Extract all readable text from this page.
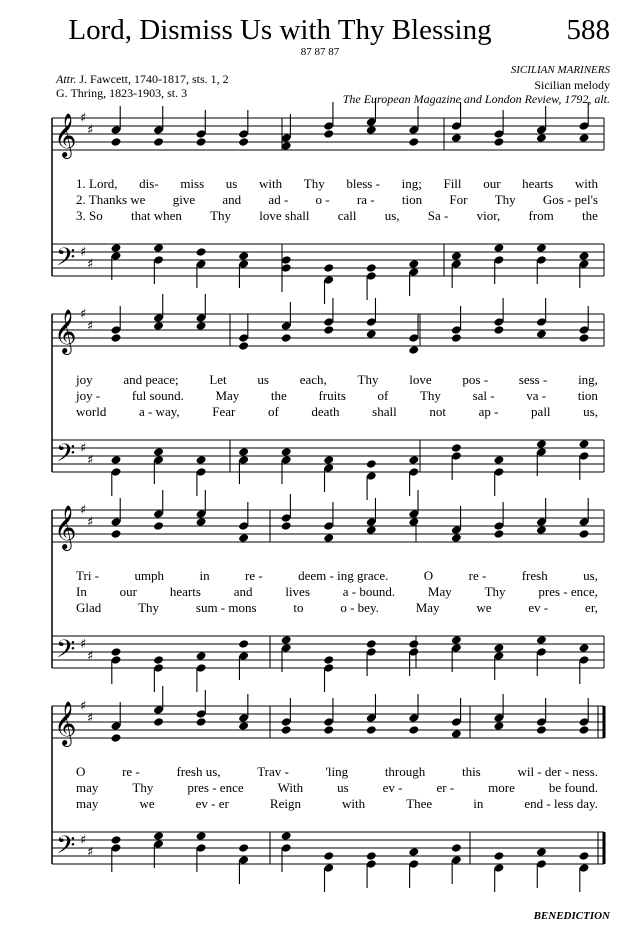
Lord, Dismiss Us with Thy Blessing	588
87 87 87
Attr. J. Fawcett, 1740-1817, sts. 1, 2
G. Thring, 1823-1903, st. 3
SICILIAN MARINERS
Sicilian melody
The European Magazine and London Review, 1792, alt.
𝄞
𝄢
♯
♯
♯
♯
𝄞
𝄢
♯
♯
♯
♯
𝄞
𝄢
♯
♯
♯
♯
𝄞
𝄢
♯
♯
♯
♯
1. Lord, dis- miss us with Thy bless - ing; Fill our hearts with
2. Thanks we give and ad - o - ra - tion For Thy Gos - pel's
3. So that when Thy love shall call us, Sa - vior, from the
joy and peace; Let us each, Thy love pos - sess - ing,
joy - ful sound. May the fruits of Thy sal - va - tion
world	a - way,	Fear	of	death	shall	not	ap -	pall	us,
Tri -	umph	in	re -	deem - ing grace.	O	re -	fresh	us,
In	our	hearts	and	lives	a - bound.	May	Thy	pres - ence,
Glad	Thy	sum - mons	to	o - bey.	May	we	ev -	er,
O	re -	fresh us,	Trav -	'ling	through	this	wil - der - ness.
may	Thy	pres - ence	With	us	ev -	er -	more	be found.
may	we	ev - er	Reign	with	Thee	in	end - less day.
BENEDICTION
